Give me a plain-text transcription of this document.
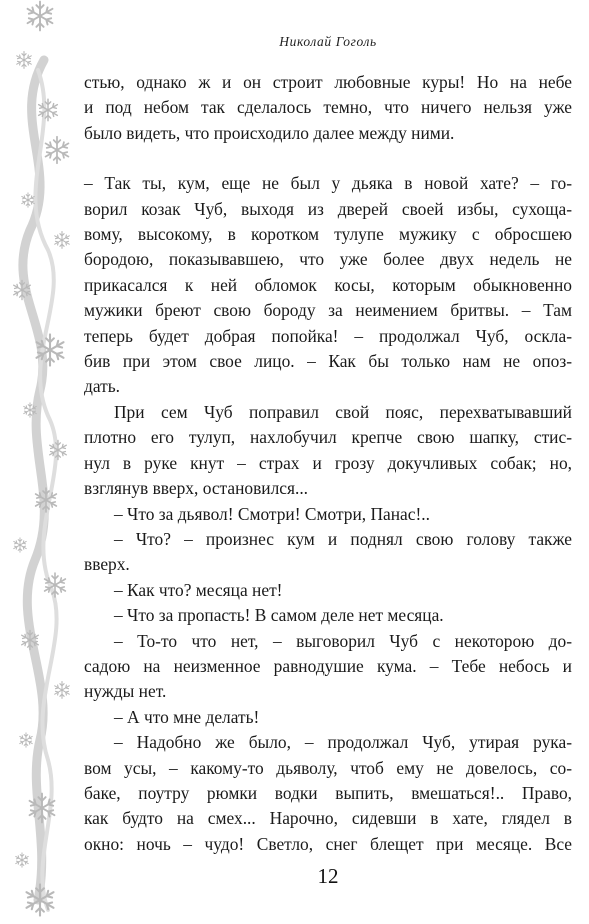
Николай Гоголь

стью, однако ж и он строит любовные куры! Но на небе

и под небом так сделалось темно, что ничего нельзя уже

было видеть, что происходило далее между ними.

– Так ты, кум, еще не был у дьяка в новой хате? – го-

ворил козак Чуб, выходя из дверей своей избы, сухоща-

вому, высокому, в коротком тулупе мужику с обросшею

бородою, показывавшею, что уже более двух недель не

прикасался к ней обломок косы, которым обыкновенно

мужики бреют свою бороду за неимением бритвы. – Там

теперь будет добрая попойка! – продолжал Чуб, оскла-

бив при этом свое лицо. – Как бы только нам не опоз-

дать.

При сем Чуб поправил свой пояс, перехватывавший

плотно его тулуп, нахлобучил крепче свою шапку, стис-

нул в руке кнут – страх и грозу докучливых собак; но,

взглянув вверх, остановился...

– Что за дьявол! Смотри! Смотри, Панас!..

– Что? – произнес кум и поднял свою голову также

вверх.

– Как что? месяца нет!

– Что за пропасть! В самом деле нет месяца.

– То-то что нет, – выговорил Чуб с некоторою до-

садою на неизменное равнодушие кума. – Тебе небось и

нужды нет.

– А что мне делать!

– Надобно же было, – продолжал Чуб, утирая рука-

вом усы, – какому-то дьяволу, чтоб ему не довелось, со-

баке, поутру рюмки водки выпить, вмешаться!.. Право,

как будто на смех... Нарочно, сидевши в хате, глядел в

окно: ночь – чудо! Светло, снег блещет при месяце. Все

12
